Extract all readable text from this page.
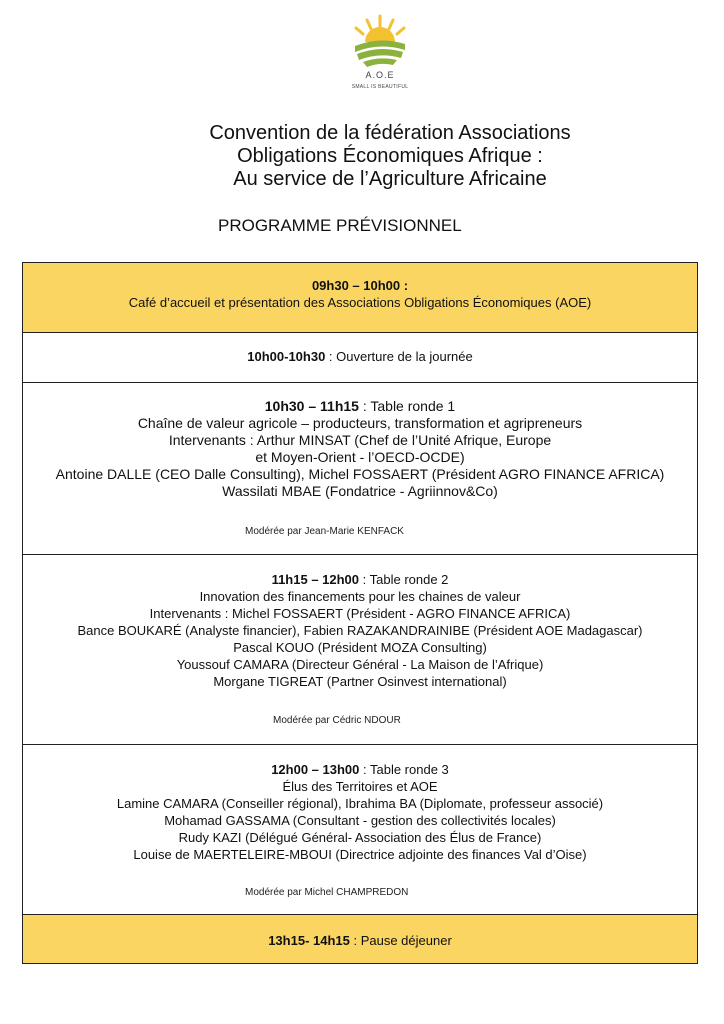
A.O.E
SMALL IS BEAUTIFUL
Convention de la fédération Associations
Obligations Économiques Afrique :
Au service de l’Agriculture Africaine
PROGRAMME PRÉVISIONNEL
09h30 – 10h00 :
Café d’accueil et présentation des Associations Obligations Économiques (AOE)
10h00-10h30 : Ouverture de la journée
10h30 – 11h15 : Table ronde 1
Chaîne de valeur agricole – producteurs, transformation et agripreneurs
Intervenants : Arthur MINSAT (Chef de l’Unité Afrique, Europe
et Moyen-Orient - l’OECD-OCDE)
Antoine DALLE (CEO Dalle Consulting), Michel FOSSAERT (Président AGRO FINANCE AFRICA)
Wassilati MBAE (Fondatrice - Agriinnov&Co)
Modérée par Jean-Marie KENFACK
11h15 – 12h00 : Table ronde 2
Innovation des financements pour les chaines de valeur
Intervenants : Michel FOSSAERT (Président - AGRO FINANCE AFRICA)
Bance BOUKARÉ (Analyste financier), Fabien RAZAKANDRAINIBE (Président AOE Madagascar)
Pascal KOUO (Président MOZA Consulting)
Youssouf CAMARA (Directeur Général - La Maison de l’Afrique)
Morgane TIGREAT (Partner Osinvest international)
Modérée par Cédric NDOUR
12h00 – 13h00 : Table ronde 3
Élus des Territoires et AOE
Lamine CAMARA (Conseiller régional), Ibrahima BA (Diplomate, professeur associé)
Mohamad GASSAMA (Consultant - gestion des collectivités locales)
Rudy KAZI (Délégué Général- Association des Élus de France)
Louise de MAERTELEIRE-MBOUI (Directrice adjointe des finances Val d’Oise)
Modérée par Michel CHAMPREDON
13h15- 14h15 : Pause déjeuner
